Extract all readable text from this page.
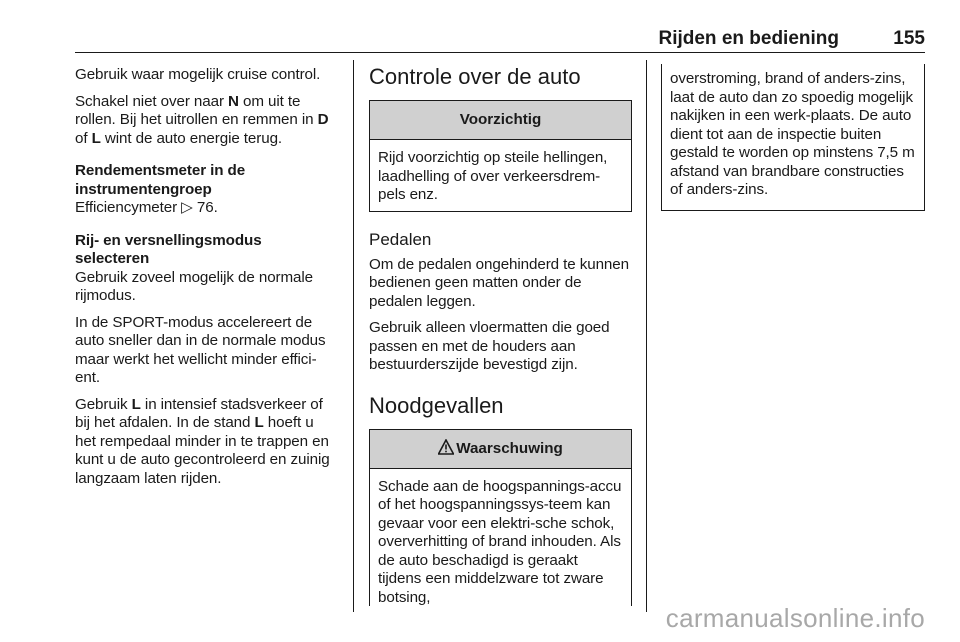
Rijden en bediening	155

Gebruik waar mogelijk cruise control.

Schakel niet over naar N om uit te rollen. Bij het uitrollen en remmen in D of L wint de auto energie terug.

Rendementsmeter in de instrumentengroep

Efficiencymeter ▷ 76.

Rij- en versnellingsmodus selecteren

Gebruik zoveel mogelijk de normale rijmodus.

In de SPORT-modus accelereert de auto sneller dan in de normale modus maar werkt het wellicht minder effici-ent.

Gebruik L in intensief stadsverkeer of bij het afdalen. In de stand L hoeft u het rempedaal minder in te trappen en kunt u de auto gecontroleerd en zuinig langzaam laten rijden.

Controle over de auto
Voorzichtig

Rijd voorzichtig op steile hellingen, laadhelling of over verkeersdrem-pels enz.

Pedalen

Om de pedalen ongehinderd te kunnen bedienen geen matten onder de pedalen leggen.

Gebruik alleen vloermatten die goed passen en met de houders aan bestuurderszijde bevestigd zijn.

Noodgevallen
Waarschuwing

Schade aan de hoogspannings-accu of het hoogspanningssys-teem kan gevaar voor een elektri-sche schok, oververhitting of brand inhouden. Als de auto beschadigd is geraakt tijdens een middelzware tot zware botsing,

overstroming, brand of anders-zins, laat de auto dan zo spoedig mogelijk nakijken in een werk-plaats. De auto dient tot aan de inspectie buiten gestald te worden op minstens 7,5 m afstand van brandbare constructies of anders-zins.

carmanualsonline.info
